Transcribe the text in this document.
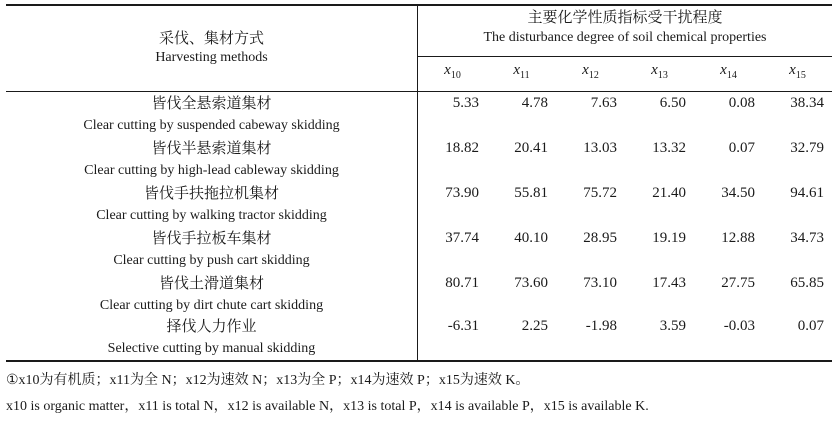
采伐、集材方式
Harvesting methods
主要化学性质指标受干扰程度
The disturbance degree of soil chemical properties
$x_{10}$	$x_{11}$	$x_{12}$	$x_{13}$	$x_{14}$	$x_{15}$
皆伐全悬索道集材
Clear cutting by suspended cabeway skidding
5.33	4.78	7.63	6.50	0.08	38.34
皆伐半悬索道集材
Clear cutting by high-lead cableway skidding
18.82	20.41	13.03	13.32	0.07	32.79
皆伐手扶拖拉机集材
Clear cutting by walking tractor skidding
73.90	55.81	75.72	21.40	34.50	94.61
皆伐手拉板车集材
Clear cutting by push cart skidding
37.74	40.10	28.95	19.19	12.88	34.73
皆伐土滑道集材
Clear cutting by dirt chute cart skidding
80.71	73.60	73.10	17.43	27.75	65.85
择伐人力作业
Selective cutting by manual skidding
-6.31	2.25	-1.98	3.59	-0.03	0.07
①x10为有机质；x11为全 N；x12为速效 N；x13为全 P；x14为速效 P；x15为速效 K。
x10 is organic matter，x11 is total N，x12 is available N，x13 is total P，x14 is available P，x15 is available K.
